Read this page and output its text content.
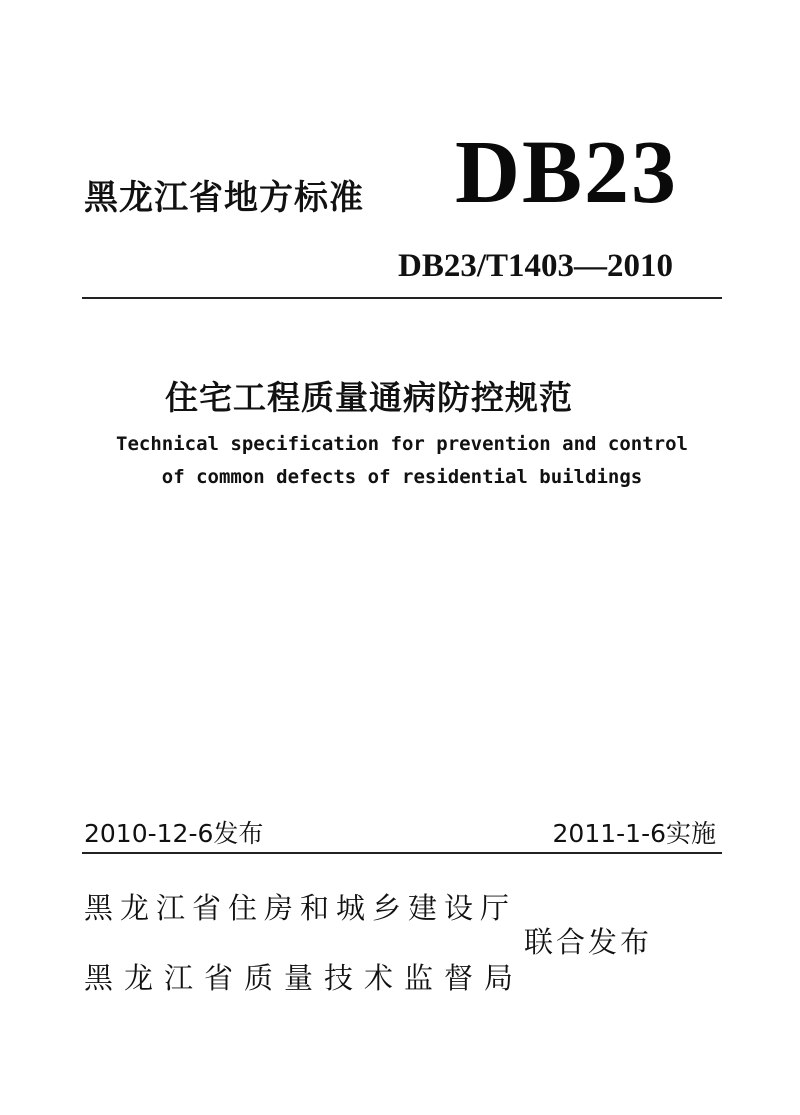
黑龙江省地方标准 DB23
DB23/T1403—2010
住宅工程质量通病防控规范
Technical specification for prevention and control
of common defects of residential buildings
2010-12-6发布	2011-1-6实施
黑龙江省住房和城乡建设厅
联合发布
黑龙江省质量技术监督局
